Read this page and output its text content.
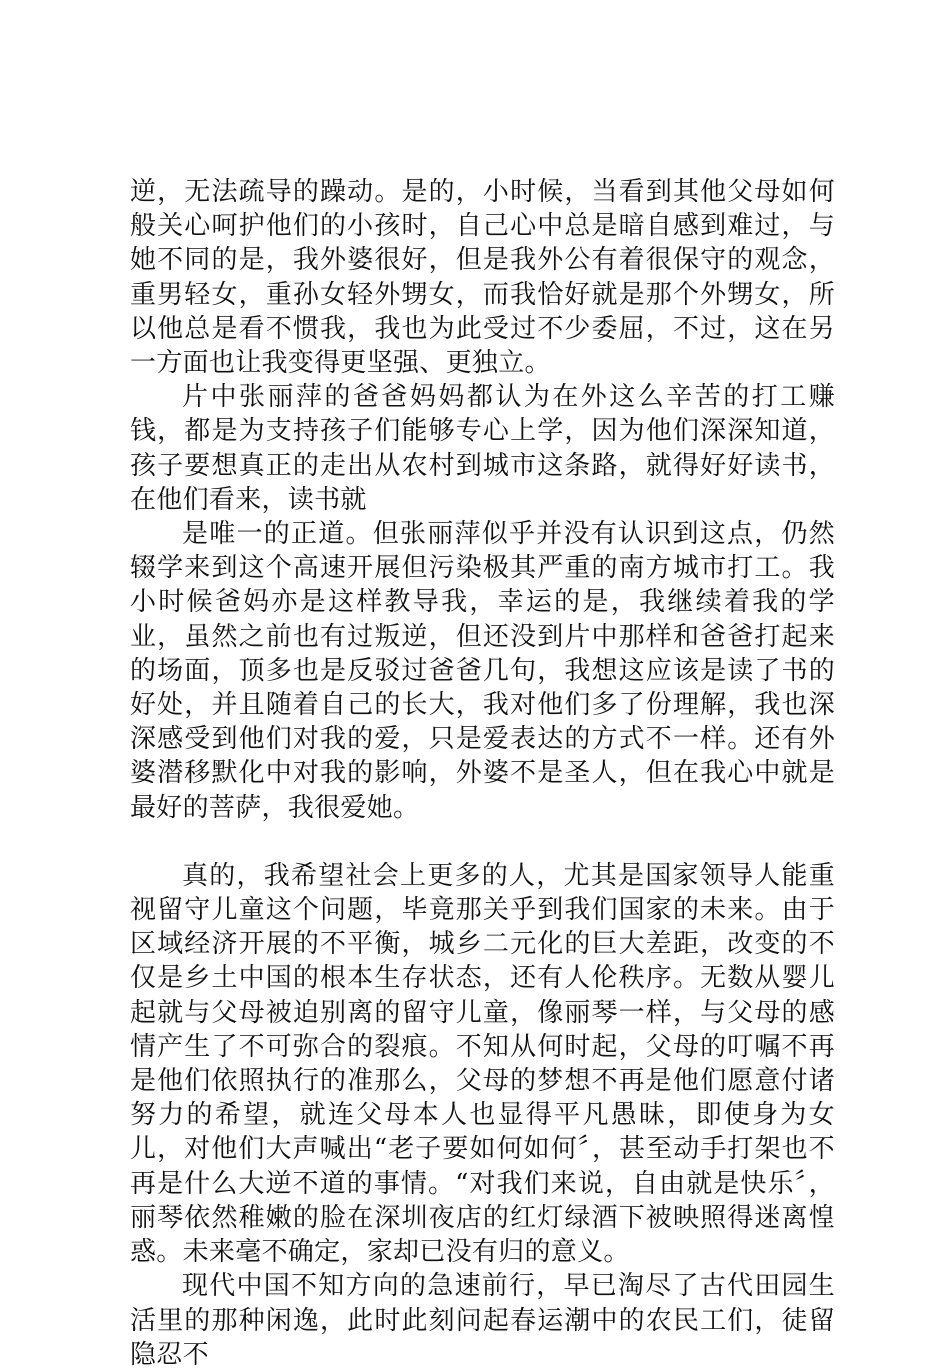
逆，无法疏导的躁动。是的，小时候，当看到其他父母如何般关心呵护他们的小孩时，自己心中总是暗自感到难过，与她不同的是，我外婆很好，但是我外公有着很保守的观念，重男轻女，重孙女轻外甥女，而我恰好就是那个外甥女，所以他总是看不惯我，我也为此受过不少委屈，不过，这在另一方面也让我变得更坚强、更独立。

片中张丽萍的爸爸妈妈都认为在外这么辛苦的打工赚钱，都是为支持孩子们能够专心上学，因为他们深深知道，孩子要想真正的走出从农村到城市这条路，就得好好读书，在他们看来，读书就

是唯一的正道。但张丽萍似乎并没有认识到这点，仍然辍学来到这个高速开展但污染极其严重的南方城市打工。我小时候爸妈亦是这样教导我，幸运的是，我继续着我的学业，虽然之前也有过叛逆，但还没到片中那样和爸爸打起来的场面，顶多也是反驳过爸爸几句，我想这应该是读了书的好处，并且随着自己的长大，我对他们多了份理解，我也深深感受到他们对我的爱，只是爱表达的方式不一样。还有外婆潜移默化中对我的影响，外婆不是圣人，但在我心中就是最好的菩萨，我很爱她。

真的，我希望社会上更多的人，尤其是国家领导人能重视留守儿童这个问题，毕竟那关乎到我们国家的未来。由于区域经济开展的不平衡，城乡二元化的巨大差距，改变的不仅是乡土中国的根本生存状态，还有人伦秩序。无数从婴儿起就与父母被迫别离的留守儿童，像丽琴一样，与父母的感情产生了不可弥合的裂痕。不知从何时起，父母的叮嘱不再是他们依照执行的准那么，父母的梦想不再是他们愿意付诸努力的希望，就连父母本人也显得平凡愚昧，即使身为女儿，对他们大声喊出“老子要如何如何〞，甚至动手打架也不再是什么大逆不道的事情。“对我们来说，自由就是快乐〞，丽琴依然稚嫩的脸在深圳夜店的红灯绿酒下被映照得迷离惶惑。未来毫不确定，家却已没有归的意义。

现代中国不知方向的急速前行，早已淘尽了古代田园生活里的那种闲逸，此时此刻问起春运潮中的农民工们，徒留隐忍不
